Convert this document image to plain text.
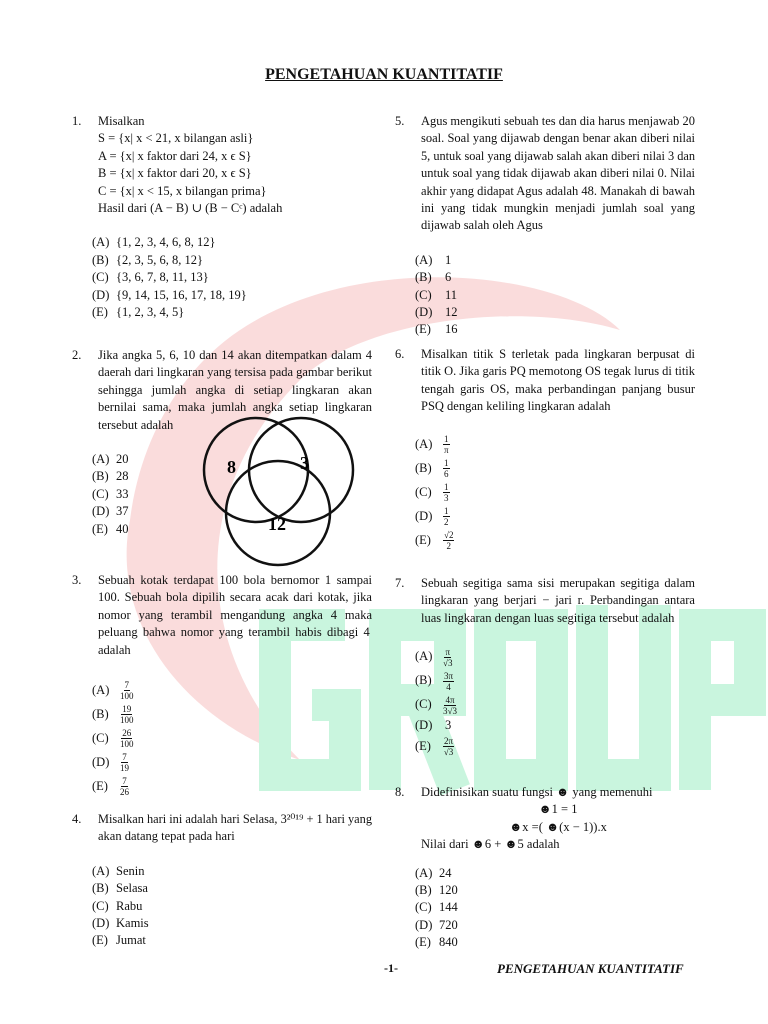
PENGETAHUAN KUANTITATIF
1. Misalkan
S = {x| x < 21, x bilangan asli}
A = {x| x faktor dari 24, x ϵ S}
B = {x| x faktor dari 20, x ϵ S}
C = {x| x < 15, x bilangan prima}
Hasil dari (A − B) ∪ (B − Cᶜ) adalah
(A) {1, 2, 3, 4, 6, 8, 12}
(B) {2, 3, 5, 6, 8, 12}
(C) {3, 6, 7, 8, 11, 13}
(D) {9, 14, 15, 16, 17, 18, 19}
(E) {1, 2, 3, 4, 5}
2. Jika angka 5, 6, 10 dan 14 akan ditempatkan dalam 4
daerah dari lingkaran yang tersisa pada gambar berikut
sehingga jumlah angka di setiap lingkaran akan
bernilai sama, maka jumlah angka setiap lingkaran
tersebut adalah
(A) 20
(B) 28
(C) 33
(D) 37
(E) 40
3. Sebuah kotak terdapat 100 bola bernomor 1 sampai
100. Sebuah bola dipilih secara acak dari kotak, jika
nomor yang terambil mengandung angka 4 maka
peluang bahwa nomor yang terambil habis dibagi 4
adalah
(A)	$\frac{7}{100}$
(B)	$\frac{19}{100}$
(C)	$\frac{26}{100}$
(D)	$\frac{7}{19}$
(E)	$\frac{7}{26}$
4. Misalkan hari ini adalah hari Selasa, 3²⁰¹⁹ + 1 hari yang
akan datang tepat pada hari
(A) Senin
(B) Selasa
(C) Rabu
(D) Kamis
(E) Jumat
5. Agus mengikuti sebuah tes dan dia harus menjawab 20
soal. Soal yang dijawab dengan benar akan diberi nilai
5, untuk soal yang dijawab salah akan diberi nilai 3 dan
untuk soal yang tidak dijawab akan diberi nilai 0. Nilai
akhir yang didapat Agus adalah 48. Manakah di bawah
ini yang tidak mungkin menjadi jumlah soal yang
dijawab salah oleh Agus
(A)	1
(B)	6
(C)	11
(D)	12
(E)	16
6. Misalkan titik S terletak pada lingkaran berpusat di
titik O. Jika garis PQ memotong OS tegak lurus di titik
tengah garis OS, maka perbandingan panjang busur
PSQ dengan keliling lingkaran adalah
(A)	$\frac{1}{\pi}$
(B)	$\frac{1}{6}$
(C)	$\frac{1}{3}$
(D)	$\frac{1}{2}$
(E)	$\frac{√2}{2}$
7. Sebuah segitiga sama sisi merupakan segitiga dalam
lingkaran yang berjari − jari r. Perbandingan antara
luas lingkaran dengan luas segitiga tersebut adalah
(A)	$\frac{\pi}{√3}$
(B)	$\frac{3\pi}{4}$
(C)	$\frac{4\pi}{3√3}$
(D)	3
(E)	$\frac{2\pi}{√3}$
8. Didefinisikan suatu fungsi ☻ yang memenuhi
☻1 = 1
☻x =( ☻(x − 1)).x
Nilai dari ☻6 + ☻5 adalah
(A) 24
(B) 120
(C) 144
(D) 720
(E) 840
8	3
12
-1-	PENGETAHUAN KUANTITATIF
